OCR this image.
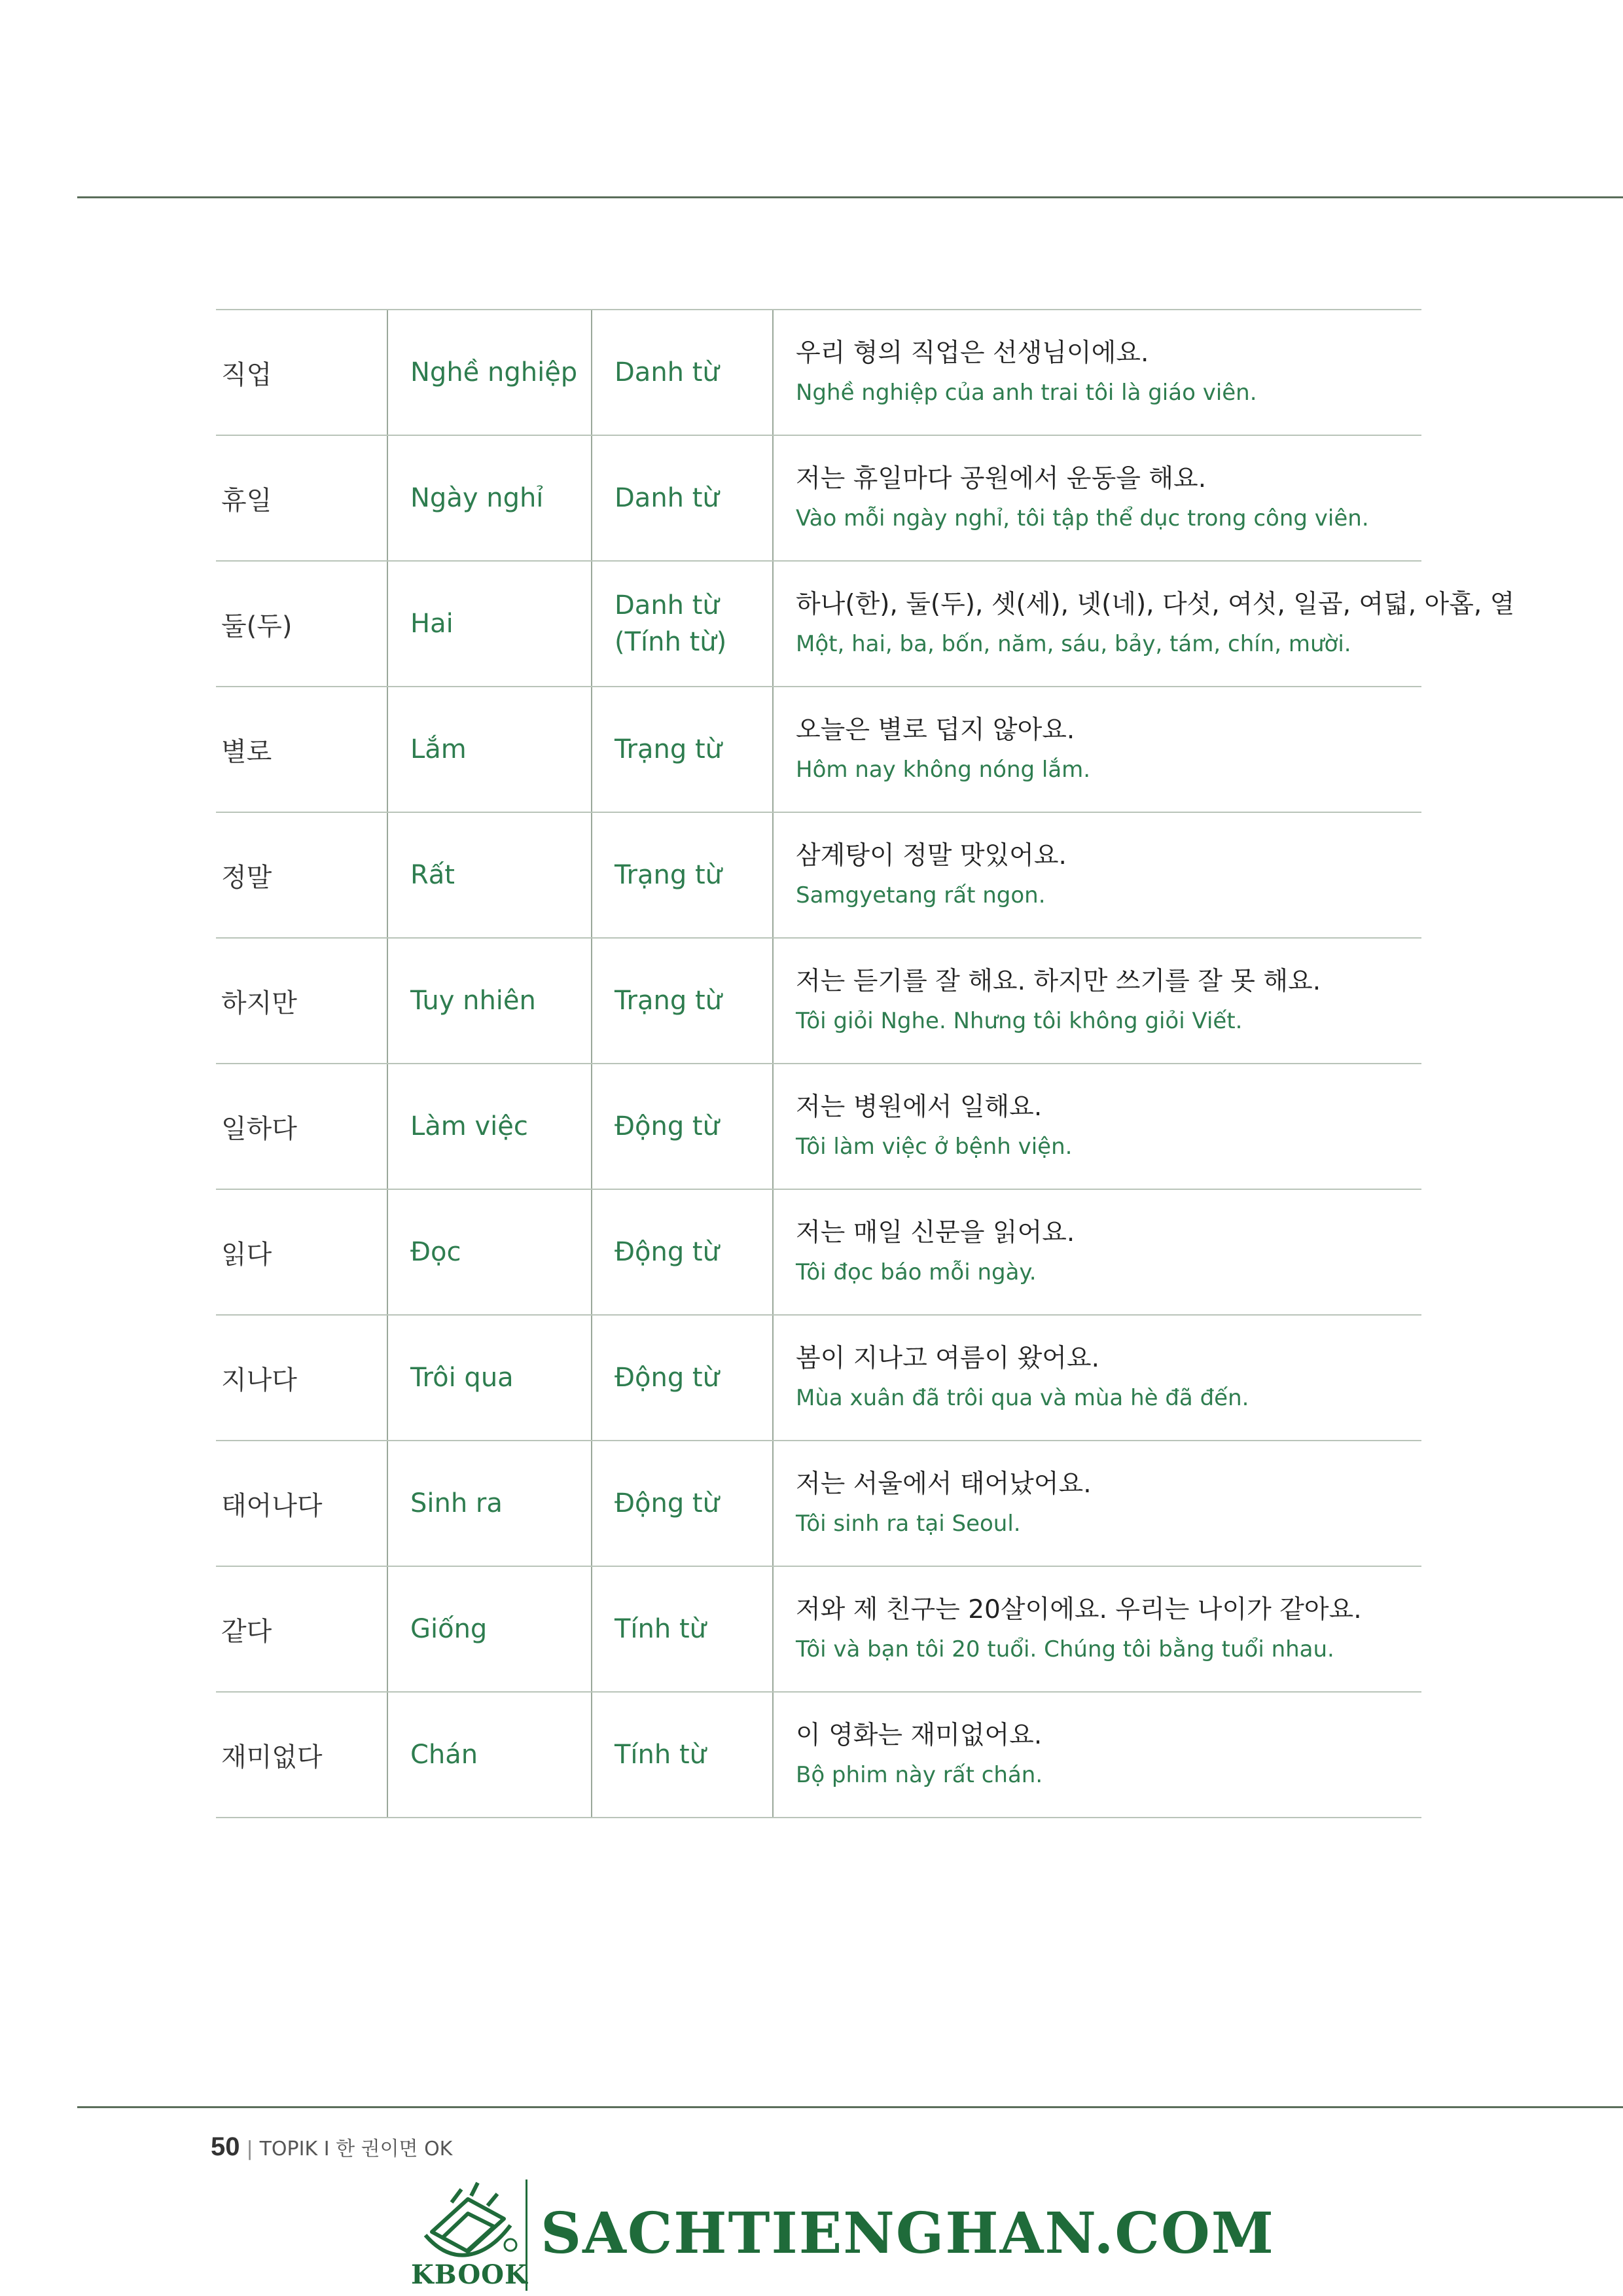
직업	Nghề nghiệp	Danh từ	우리 형의 직업은 선생님이에요.
Nghề nghiệp của anh trai tôi là giáo viên.

휴일	Ngày nghỉ	Danh từ	저는 휴일마다 공원에서 운동을 해요.
Vào mỗi ngày nghỉ, tôi tập thể dục trong công viên.

둘(두)	Hai	Danh từ (Tính từ)	하나(한), 둘(두), 셋(세), 넷(네), 다섯, 여섯, 일곱, 여덟, 아홉, 열
Một, hai, ba, bốn, năm, sáu, bảy, tám, chín, mười.

별로	Lắm	Trạng từ	오늘은 별로 덥지 않아요.
Hôm nay không nóng lắm.

정말	Rất	Trạng từ	삼계탕이 정말 맛있어요.
Samgyetang rất ngon.

하지만	Tuy nhiên	Trạng từ	저는 듣기를 잘 해요. 하지만 쓰기를 잘 못 해요.
Tôi giỏi Nghe. Nhưng tôi không giỏi Viết.

일하다	Làm việc	Động từ	저는 병원에서 일해요.
Tôi làm việc ở bệnh viện.

읽다	Đọc	Động từ	저는 매일 신문을 읽어요.
Tôi đọc báo mỗi ngày.

지나다	Trôi qua	Động từ	봄이 지나고 여름이 왔어요.
Mùa xuân đã trôi qua và mùa hè đã đến.

태어나다	Sinh ra	Động từ	저는 서울에서 태어났어요.
Tôi sinh ra tại Seoul.

같다	Giống	Tính từ	저와 제 친구는 20살이에요. 우리는 나이가 같아요.
Tôi và bạn tôi 20 tuổi. Chúng tôi bằng tuổi nhau.

재미없다	Chán	Tính từ	이 영화는 재미없어요.
Bộ phim này rất chán.
50 | TOPIK I 한 권이면 OK
KBOOK
SACHTIENGHAN.COM
